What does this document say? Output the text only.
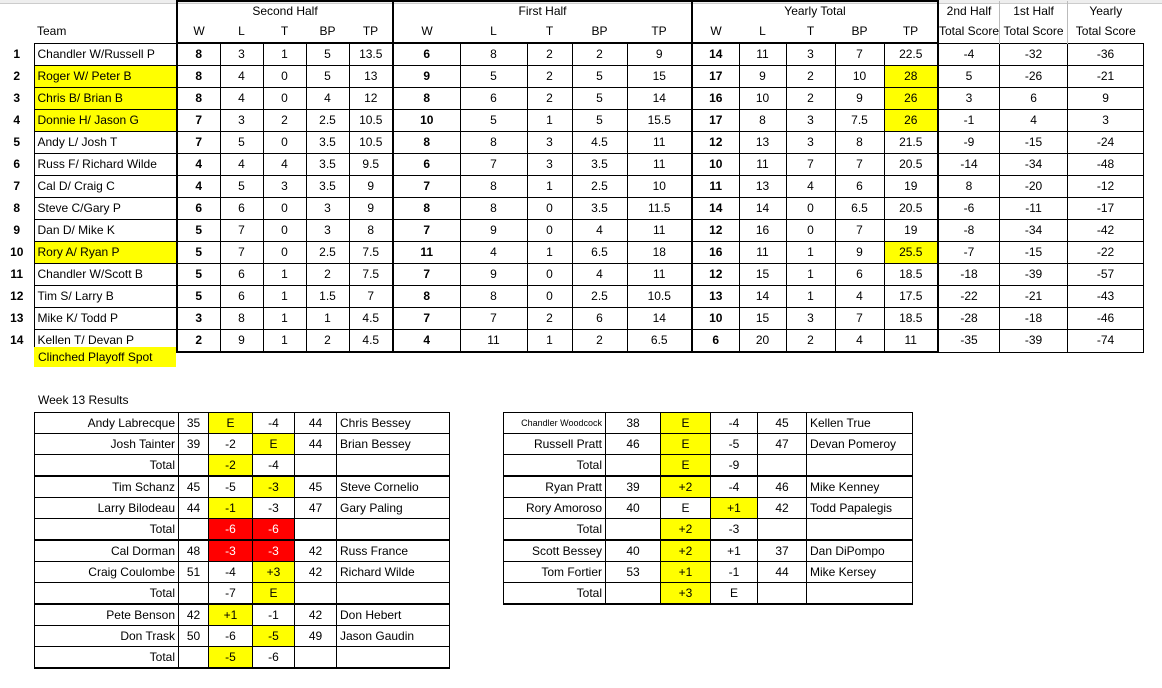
		Second Half					First Half					Yearly Total					2nd Half	1st Half	Yearly
	Team	W	L	T	BP	TP	W	L	T	BP	TP	W	L	T	BP	TP	Total Score	Total Score	Total Score
1	Chandler W/Russell P	8	3	1	5	13.5	6	8	2	2	9	14	11	3	7	22.5	-4	-32	-36
2	Roger W/ Peter B	8	4	0	5	13	9	5	2	5	15	17	9	2	10	28	5	-26	-21
3	Chris B/ Brian B	8	4	0	4	12	8	6	2	5	14	16	10	2	9	26	3	6	9
4	Donnie H/ Jason G	7	3	2	2.5	10.5	10	5	1	5	15.5	17	8	3	7.5	26	-1	4	3
5	Andy L/ Josh T	7	5	0	3.5	10.5	8	8	3	4.5	11	12	13	3	8	21.5	-9	-15	-24
6	Russ F/ Richard Wilde	4	4	4	3.5	9.5	6	7	3	3.5	11	10	11	7	7	20.5	-14	-34	-48
7	Cal D/ Craig C	4	5	3	3.5	9	7	8	1	2.5	10	11	13	4	6	19	8	-20	-12
8	Steve C/Gary P	6	6	0	3	9	8	8	0	3.5	11.5	14	14	0	6.5	20.5	-6	-11	-17
9	Dan D/ Mike K	5	7	0	3	8	7	9	0	4	11	12	16	0	7	19	-8	-34	-42
10	Rory A/ Ryan P	5	7	0	2.5	7.5	11	4	1	6.5	18	16	11	1	9	25.5	-7	-15	-22
11	Chandler W/Scott B	5	6	1	2	7.5	7	9	0	4	11	12	15	1	6	18.5	-18	-39	-57
12	Tim S/ Larry B	5	6	1	1.5	7	8	8	0	2.5	10.5	13	14	1	4	17.5	-22	-21	-43
13	Mike K/ Todd P	3	8	1	1	4.5	7	7	2	6	14	10	15	3	7	18.5	-28	-18	-46
14	Kellen T/ Devan P	2	9	1	2	4.5	4	11	1	2	6.5	6	20	2	4	11	-35	-39	-74
Clinched Playoff Spot
Week 13 Results
Andy Labrecque	35	E	-4	44	Chris Bessey
Josh Tainter	39	-2	E	44	Brian Bessey
Total		-2	-4		
Tim Schanz	45	-5	-3	45	Steve Cornelio
Larry Bilodeau	44	-1	-3	47	Gary Paling
Total		-6	-6		
Cal Dorman	48	-3	-3	42	Russ France
Craig Coulombe	51	-4	+3	42	Richard Wilde
Total		-7	E		
Pete Benson	42	+1	-1	42	Don Hebert
Don Trask	50	-6	-5	49	Jason Gaudin
Total		-5	-6		
Chandler Woodcock	38	E	-4	45	Kellen True
Russell Pratt	46	E	-5	47	Devan Pomeroy
Total		E	-9		
Ryan Pratt	39	+2	-4	46	Mike Kenney
Rory Amoroso	40	E	+1	42	Todd Papalegis
Total		+2	-3		
Scott Bessey	40	+2	+1	37	Dan DiPompo
Tom Fortier	53	+1	-1	44	Mike Kersey
Total		+3	E		
